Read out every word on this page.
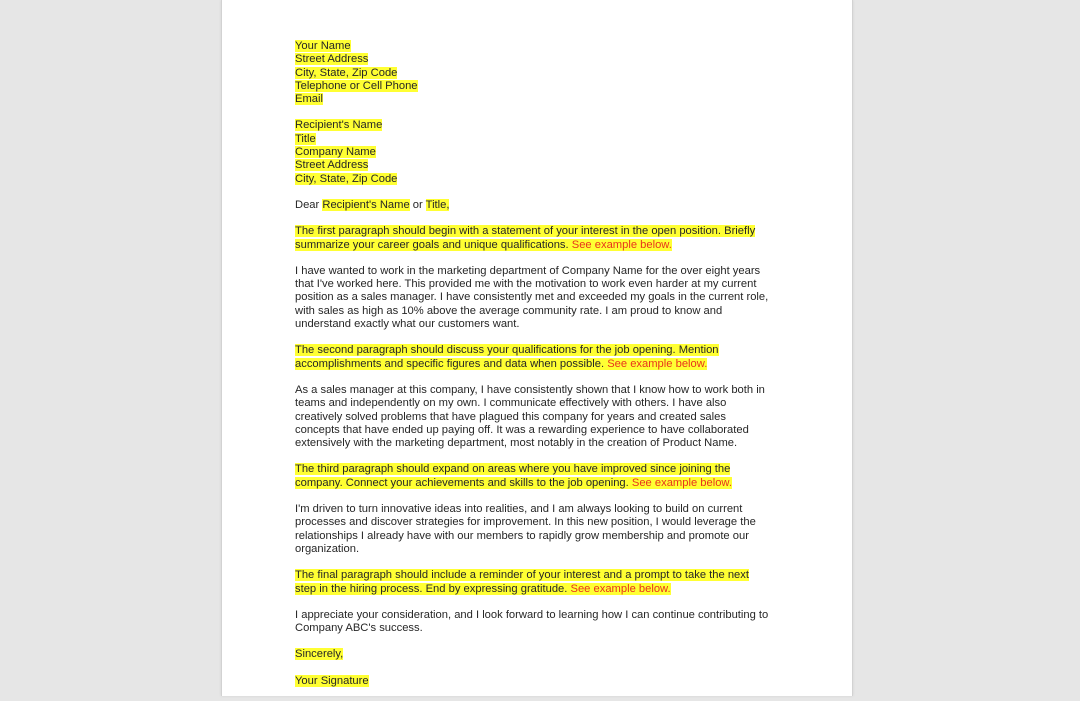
Your Name
Street Address
City, State, Zip Code
Telephone or Cell Phone
Email
Recipient's Name
Title
Company Name
Street Address
City, State, Zip Code
Dear Recipient's Name or Title,
The first paragraph should begin with a statement of your interest in the open position. Briefly
summarize your career goals and unique qualifications. See example below.
I have wanted to work in the marketing department of Company Name for the over eight years
that I've worked here. This provided me with the motivation to work even harder at my current
position as a sales manager. I have consistently met and exceeded my goals in the current role,
with sales as high as 10% above the average community rate. I am proud to know and
understand exactly what our customers want.
The second paragraph should discuss your qualifications for the job opening. Mention
accomplishments and specific figures and data when possible. See example below.
As a sales manager at this company, I have consistently shown that I know how to work both in
teams and independently on my own. I communicate effectively with others. I have also
creatively solved problems that have plagued this company for years and created sales
concepts that have ended up paying off. It was a rewarding experience to have collaborated
extensively with the marketing department, most notably in the creation of Product Name.
The third paragraph should expand on areas where you have improved since joining the
company. Connect your achievements and skills to the job opening. See example below.
I'm driven to turn innovative ideas into realities, and I am always looking to build on current
processes and discover strategies for improvement. In this new position, I would leverage the
relationships I already have with our members to rapidly grow membership and promote our
organization.
The final paragraph should include a reminder of your interest and a prompt to take the next
step in the hiring process. End by expressing gratitude. See example below.
I appreciate your consideration, and I look forward to learning how I can continue contributing to
Company ABC's success.
Sincerely,
Your Signature
